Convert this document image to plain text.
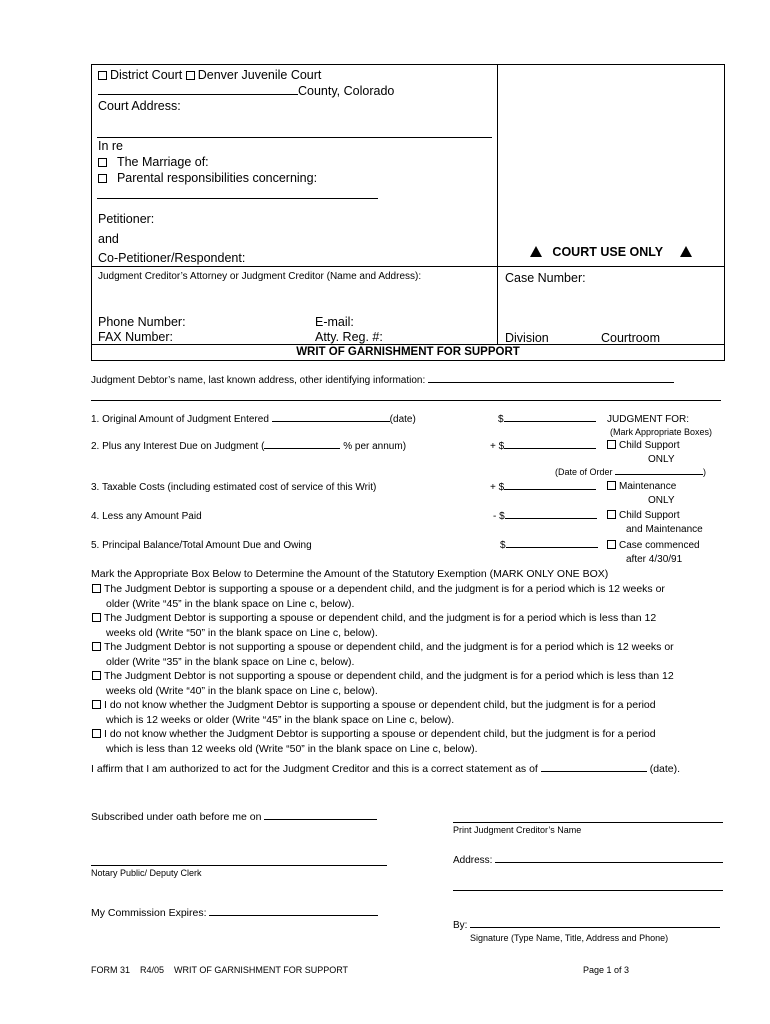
District Court Denver Juvenile Court
County, Colorado
Court Address:
In re
The Marriage of:
Parental responsibilities concerning:
Petitioner:
and
Co-Petitioner/Respondent:	COURT USE ONLY
Judgment Creditor’s Attorney or Judgment Creditor (Name and Address):	Case Number:
Phone Number:
FAX Number:
E-mail:
Atty. Reg. #:	Division	Courtroom
WRIT OF GARNISHMENT FOR SUPPORT
Judgment Debtor’s name, last known address, other identifying information:
1. Original Amount of Judgment Entered	(date)	$
2. Plus any Interest Due on Judgment (	% per annum)	+ $
3. Taxable Costs (including estimated cost of service of this Writ)	+ $
4. Less any Amount Paid	- $
5. Principal Balance/Total Amount Due and Owing	$
JUDGMENT FOR:
(Mark Appropriate Boxes)
Child Support
ONLY
(Date of Order	)
Maintenance
ONLY
Child Support
and Maintenance
Case commenced
after 4/30/91
Mark the Appropriate Box Below to Determine the Amount of the Statutory Exemption (MARK ONLY ONE BOX)
The Judgment Debtor is supporting a spouse or a dependent child, and the judgment is for a period which is 12 weeks or
older (Write “45” in the blank space on Line c, below).
The Judgment Debtor is supporting a spouse or dependent child, and the judgment is for a period which is less than 12
weeks old (Write “50” in the blank space on Line c, below).
The Judgment Debtor is not supporting a spouse or dependent child, and the judgment is for a period which is 12 weeks or
older (Write “35” in the blank space on Line c, below).
The Judgment Debtor is not supporting a spouse or dependent child, and the judgment is for a period which is less than 12
weeks old (Write “40” in the blank space on Line c, below).
I do not know whether the Judgment Debtor is supporting a spouse or dependent child, but the judgment is for a period
which is 12 weeks or older (Write “45” in the blank space on Line c, below).
I do not know whether the Judgment Debtor is supporting a spouse or dependent child, but the judgment is for a period
which is less than 12 weeks old (Write “50” in the blank space on Line c, below).
I affirm that I am authorized to act for the Judgment Creditor and this is a correct statement as of	(date).
Subscribed under oath before me on
Print Judgment Creditor’s Name
Notary Public/ Deputy Clerk
Address:
My Commission Expires:
By:
Signature (Type Name, Title, Address and Phone)
FORM 31    R4/05    WRIT OF GARNISHMENT FOR SUPPORT	Page 1 of 3
